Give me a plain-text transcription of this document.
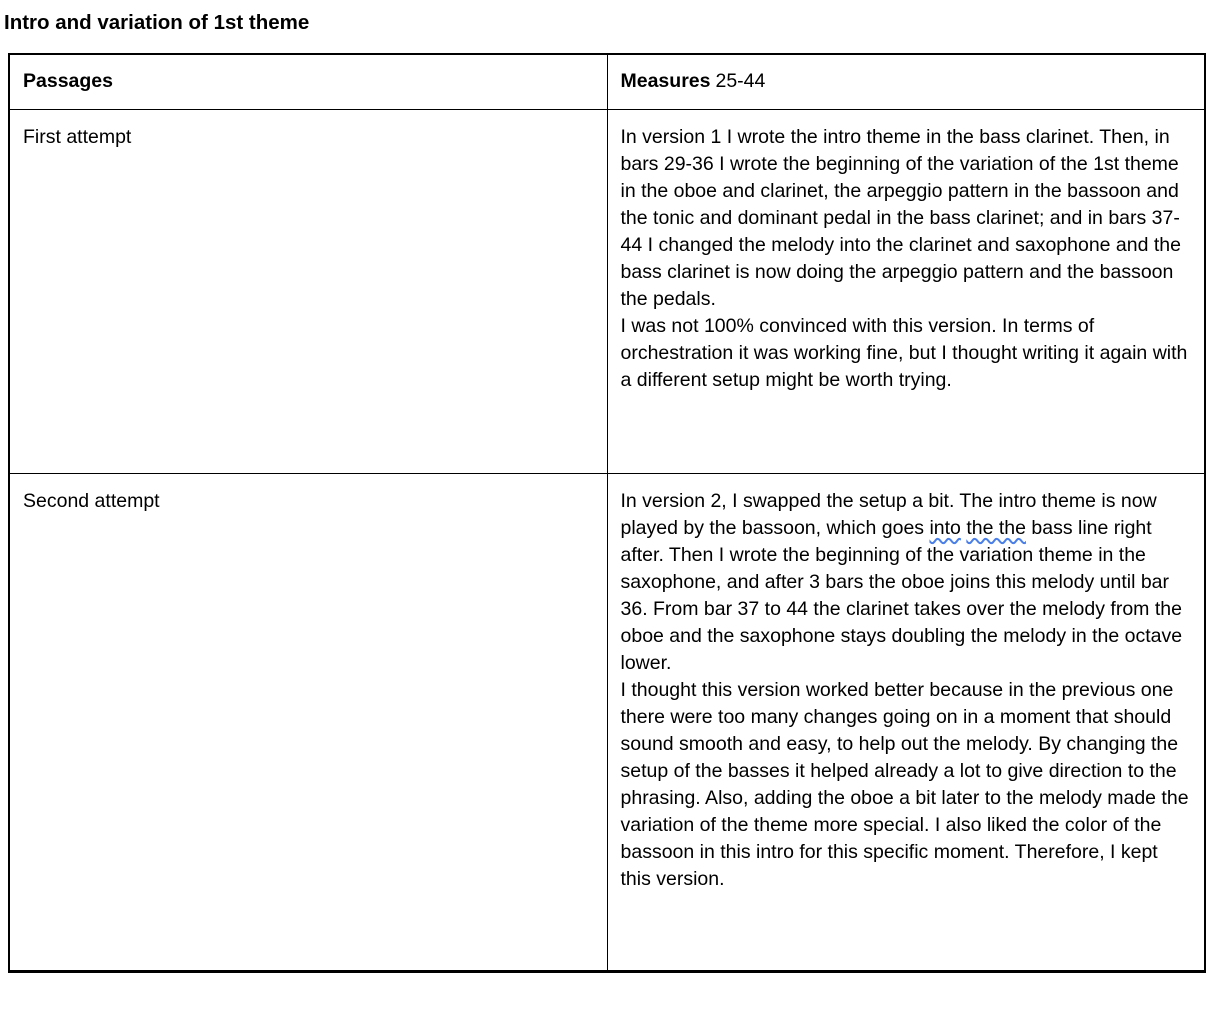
Intro and variation of 1st theme
Passages	Measures 25-44
First attempt	In version 1 I wrote the intro theme in the bass clarinet. Then, in bars 29-36 I wrote the beginning of the variation of the 1st theme in the oboe and clarinet, the arpeggio pattern in the bassoon and the tonic and dominant pedal in the bass clarinet; and in bars 37-44 I changed the melody into the clarinet and saxophone and the bass clarinet is now doing the arpeggio pattern and the bassoon the pedals.
I was not 100% convinced with this version. In terms of orchestration it was working fine, but I thought writing it again with a different setup might be worth trying.

Second attempt	In version 2, I swapped the setup a bit. The intro theme is now played by the bassoon, which goes into the the bass line right after. Then I wrote the beginning of the variation theme in the saxophone, and after 3 bars the oboe joins this melody until bar 36. From bar 37 to 44 the clarinet takes over the melody from the oboe and the saxophone stays doubling the melody in the octave lower.
I thought this version worked better because in the previous one there were too many changes going on in a moment that should sound smooth and easy, to help out the melody. By changing the setup of the basses it helped already a lot to give direction to the phrasing. Also, adding the oboe a bit later to the melody made the variation of the theme more special. I also liked the color of the bassoon in this intro for this specific moment. Therefore, I kept this version.
